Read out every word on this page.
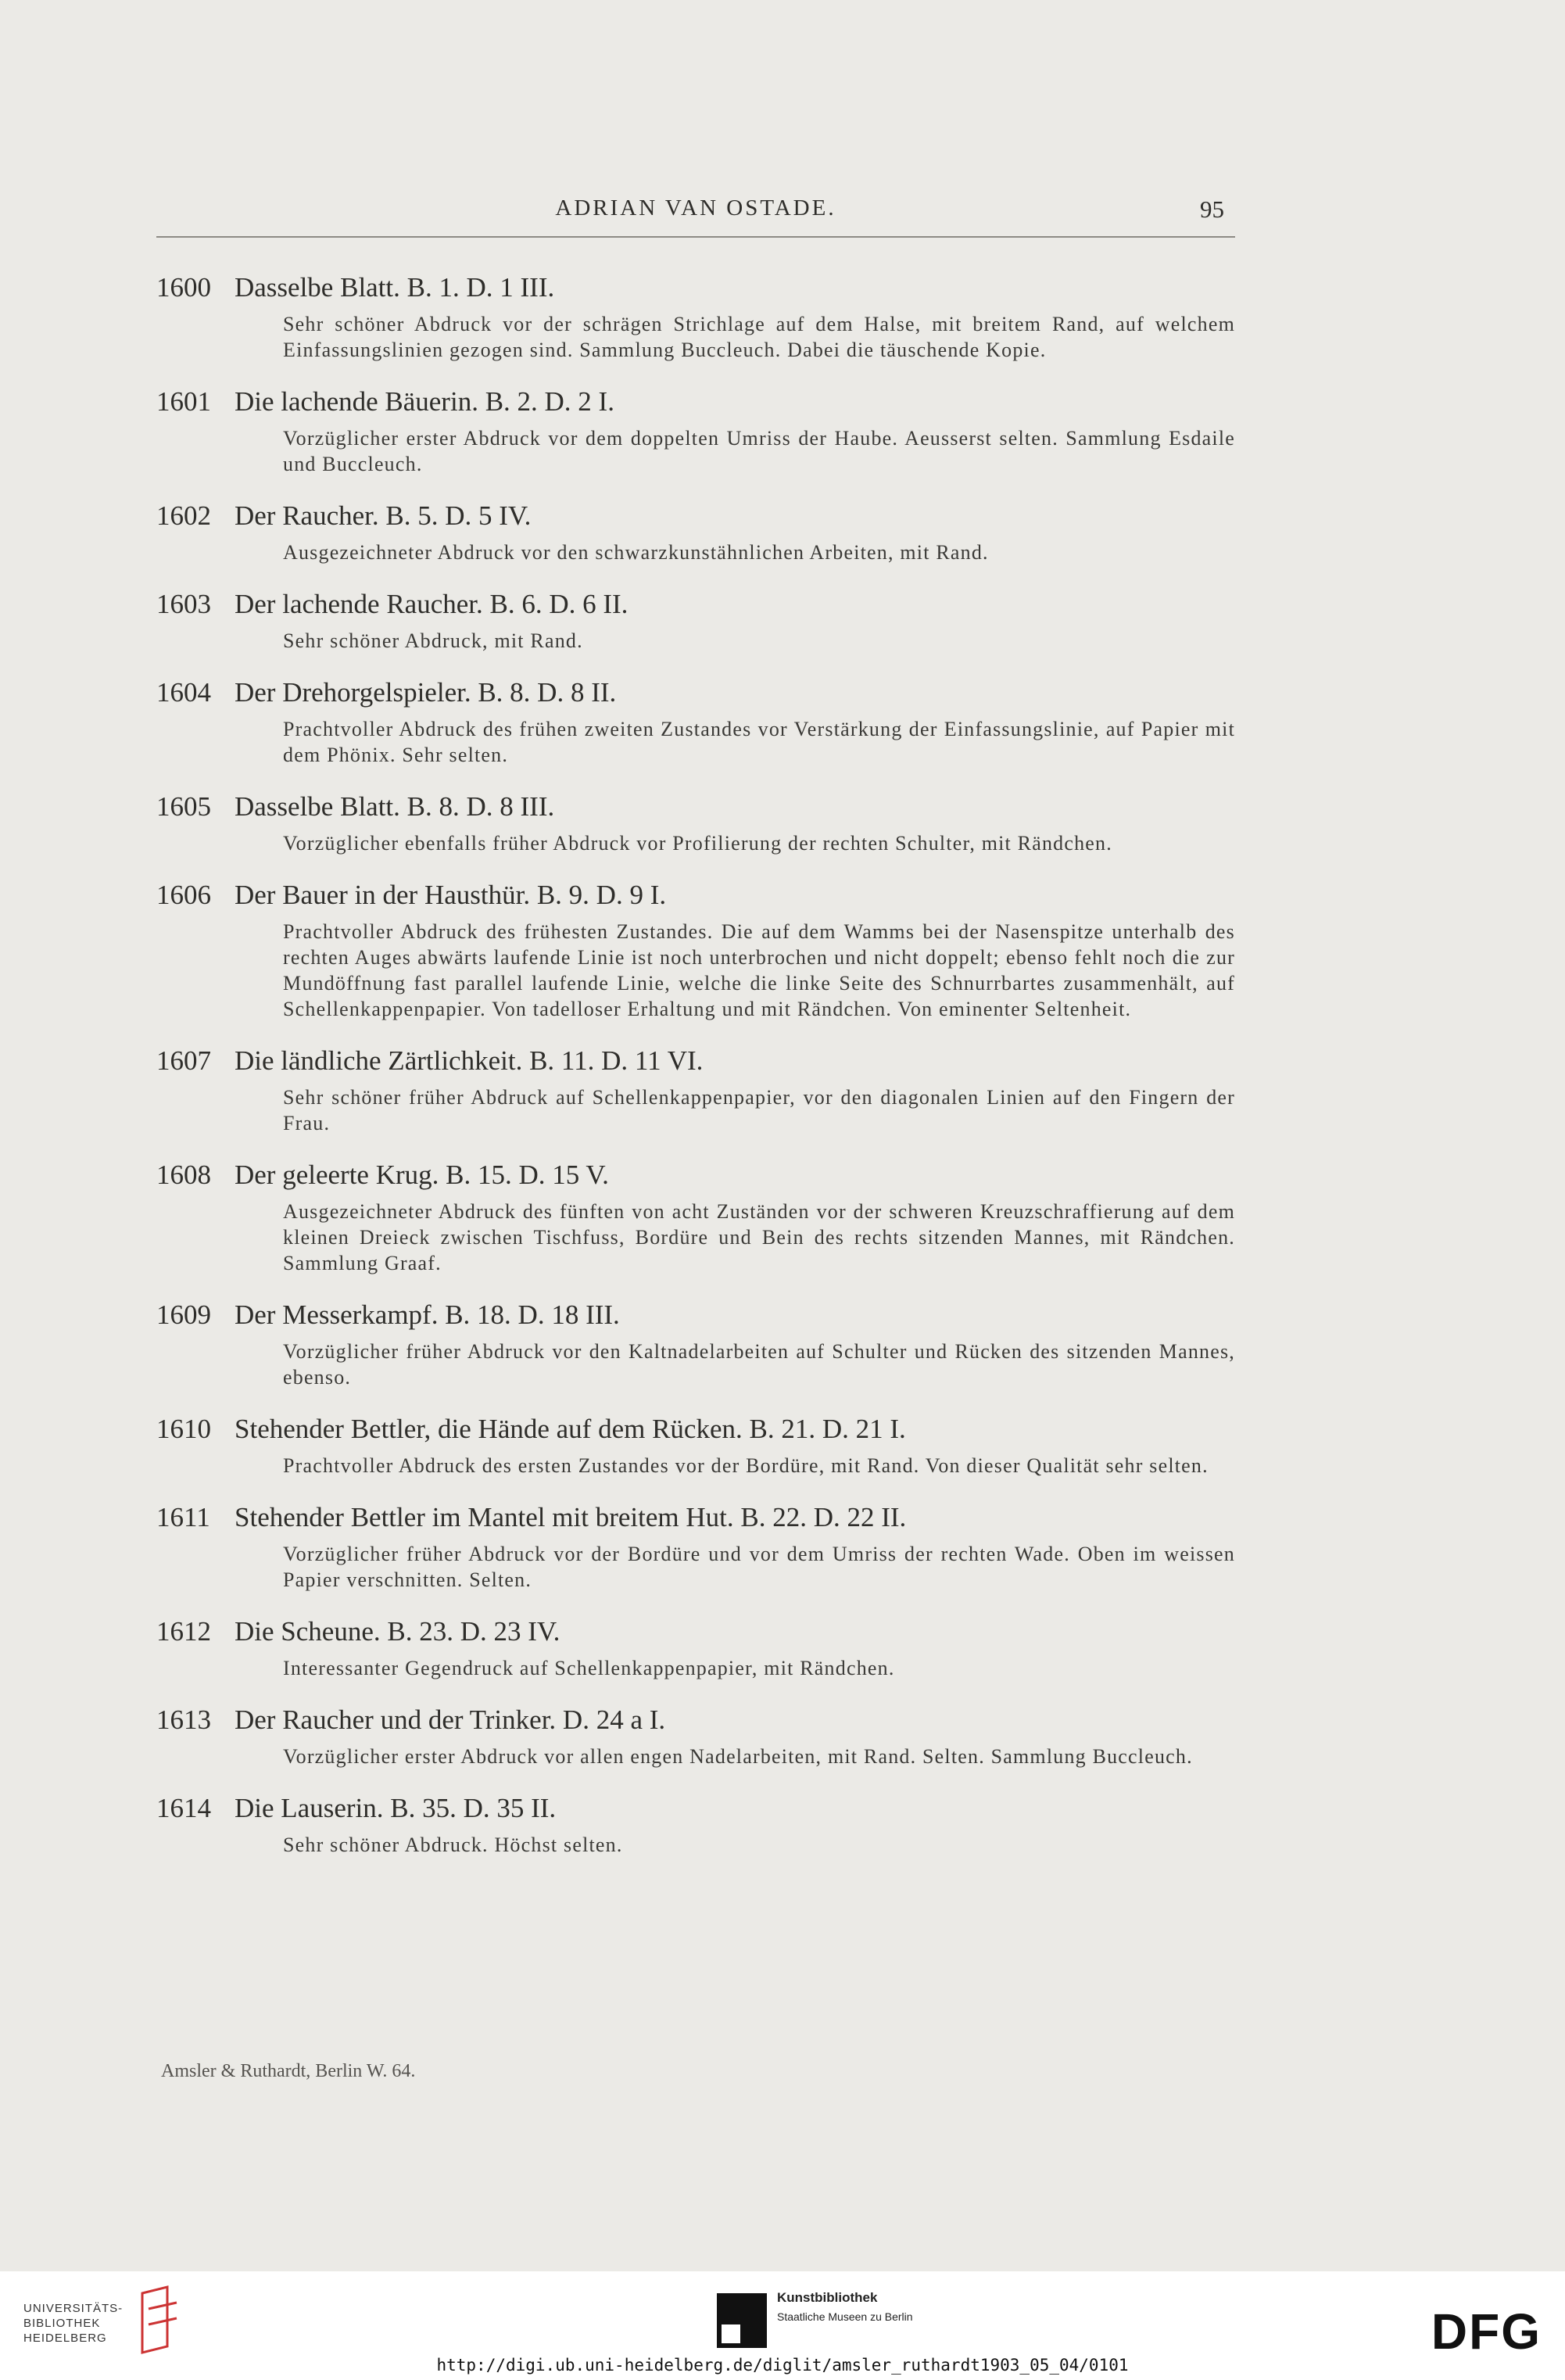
ADRIAN VAN OSTADE.	95
1600 Dasselbe Blatt. B. 1. D. 1 III.
Sehr schöner Abdruck vor der schrägen Strichlage auf dem Halse, mit breitem Rand, auf welchem Einfassungslinien gezogen sind. Sammlung Buccleuch. Dabei die täuschende Kopie.
1601 Die lachende Bäuerin. B. 2. D. 2 I.
Vorzüglicher erster Abdruck vor dem doppelten Umriss der Haube. Aeusserst selten. Sammlung Esdaile und Buccleuch.
1602 Der Raucher. B. 5. D. 5 IV.
Ausgezeichneter Abdruck vor den schwarzkunstähnlichen Arbeiten, mit Rand.
1603 Der lachende Raucher. B. 6. D. 6 II.
Sehr schöner Abdruck, mit Rand.
1604 Der Drehorgelspieler. B. 8. D. 8 II.
Prachtvoller Abdruck des frühen zweiten Zustandes vor Verstärkung der Einfassungslinie, auf Papier mit dem Phönix. Sehr selten.
1605 Dasselbe Blatt. B. 8. D. 8 III.
Vorzüglicher ebenfalls früher Abdruck vor Profilierung der rechten Schulter, mit Rändchen.
1606 Der Bauer in der Hausthür. B. 9. D. 9 I.
Prachtvoller Abdruck des frühesten Zustandes. Die auf dem Wamms bei der Nasenspitze unterhalb des rechten Auges abwärts laufende Linie ist noch unterbrochen und nicht doppelt; ebenso fehlt noch die zur Mundöffnung fast parallel laufende Linie, welche die linke Seite des Schnurrbartes zusammenhält, auf Schellenkappenpapier. Von tadelloser Erhaltung und mit Rändchen. Von eminenter Seltenheit.
1607 Die ländliche Zärtlichkeit. B. 11. D. 11 VI.
Sehr schöner früher Abdruck auf Schellenkappenpapier, vor den diagonalen Linien auf den Fingern der Frau.
1608 Der geleerte Krug. B. 15. D. 15 V.
Ausgezeichneter Abdruck des fünften von acht Zuständen vor der schweren Kreuzschraffierung auf dem kleinen Dreieck zwischen Tischfuss, Bordüre und Bein des rechts sitzenden Mannes, mit Rändchen. Sammlung Graaf.
1609 Der Messerkampf. B. 18. D. 18 III.
Vorzüglicher früher Abdruck vor den Kaltnadelarbeiten auf Schulter und Rücken des sitzenden Mannes, ebenso.
1610 Stehender Bettler, die Hände auf dem Rücken. B. 21. D. 21 I.
Prachtvoller Abdruck des ersten Zustandes vor der Bordüre, mit Rand. Von dieser Qualität sehr selten.
1611 Stehender Bettler im Mantel mit breitem Hut. B. 22. D. 22 II.
Vorzüglicher früher Abdruck vor der Bordüre und vor dem Umriss der rechten Wade. Oben im weissen Papier verschnitten. Selten.
1612 Die Scheune. B. 23. D. 23 IV.
Interessanter Gegendruck auf Schellenkappenpapier, mit Rändchen.
1613 Der Raucher und der Trinker. D. 24 a I.
Vorzüglicher erster Abdruck vor allen engen Nadelarbeiten, mit Rand. Selten. Sammlung Buccleuch.
1614 Die Lauserin. B. 35. D. 35 II.
Sehr schöner Abdruck. Höchst selten.
Amsler & Ruthardt, Berlin W. 64.
UNIVERSITÄTS-
BIBLIOTHEK
HEIDELBERG
Kunstbibliothek
Staatliche Museen zu Berlin	DFG
http://digi.ub.uni-heidelberg.de/diglit/amsler_ruthardt1903_05_04/0101
